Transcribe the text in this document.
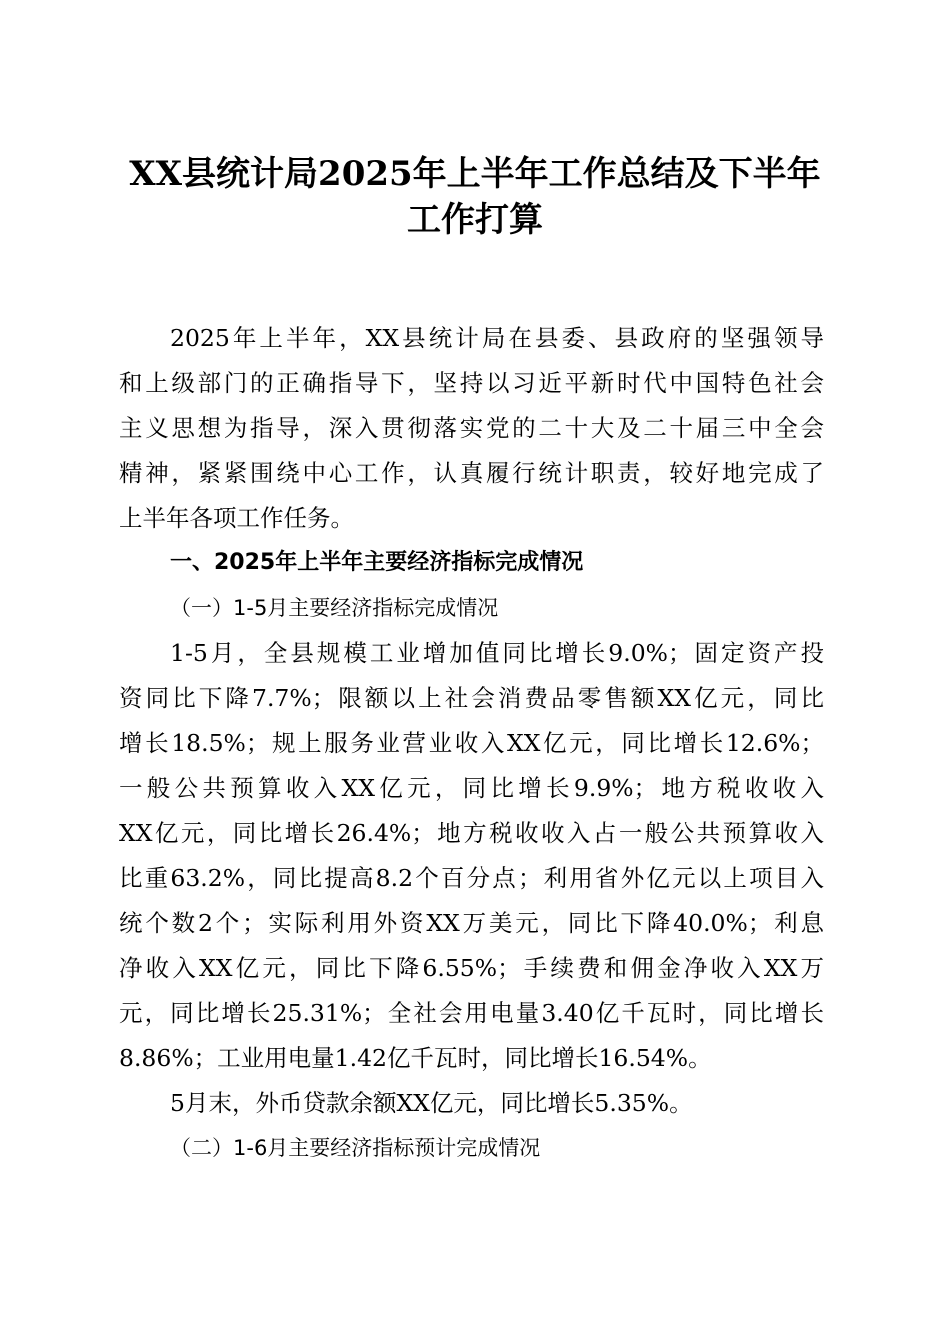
XX县统计局2025年上半年工作总结及下半年
工作打算
2025年上半年，XX县统计局在县委、县政府的坚强领导
和上级部门的正确指导下，坚持以习近平新时代中国特色社会
主义思想为指导，深入贯彻落实党的二十大及二十届三中全会
精神，紧紧围绕中心工作，认真履行统计职责，较好地完成了
上半年各项工作任务。
一、2025年上半年主要经济指标完成情况
（一）1-5月主要经济指标完成情况
1-5月，全县规模工业增加值同比增长9.0%；固定资产投
资同比下降7.7%；限额以上社会消费品零售额XX亿元，同比
增长18.5%；规上服务业营业收入XX亿元，同比增长12.6%；
一般公共预算收入XX亿元，同比增长9.9%；地方税收收入
XX亿元，同比增长26.4%；地方税收收入占一般公共预算收入
比重63.2%，同比提高8.2个百分点；利用省外亿元以上项目入
统个数2个；实际利用外资XX万美元，同比下降40.0%；利息
净收入XX亿元，同比下降6.55%；手续费和佣金净收入XX万
元，同比增长25.31%；全社会用电量3.40亿千瓦时，同比增长
8.86%；工业用电量1.42亿千瓦时，同比增长16.54%。
5月末，外币贷款余额XX亿元，同比增长5.35%。
（二）1-6月主要经济指标预计完成情况
